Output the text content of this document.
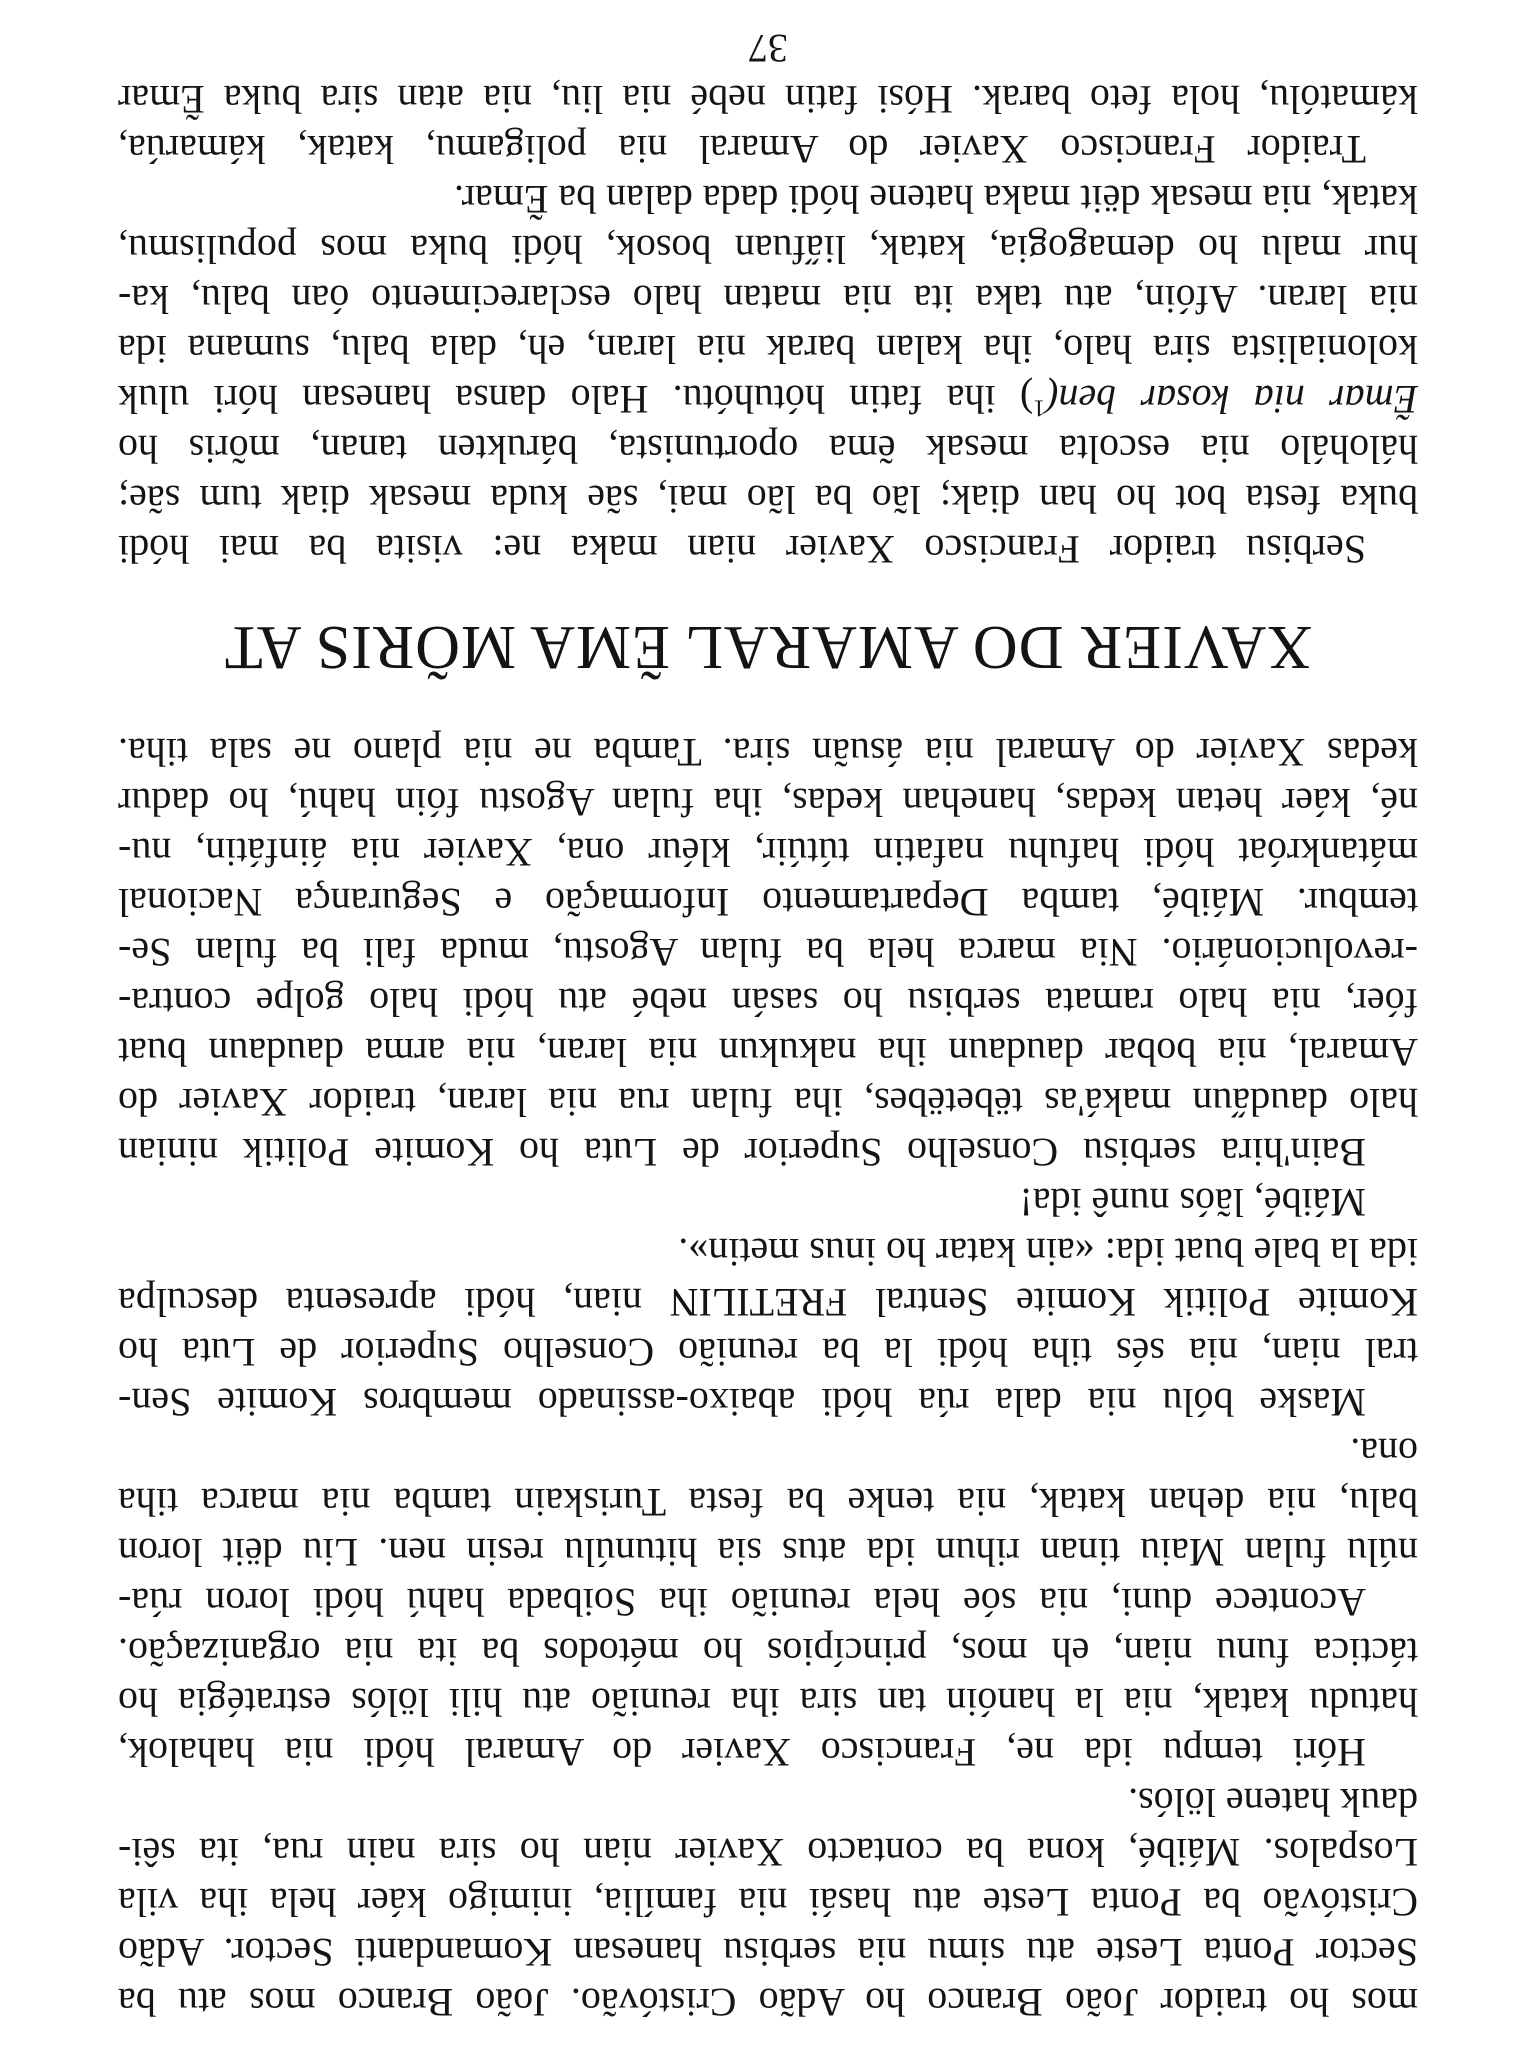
mos ho traidor João Branco ho Adão Cristóvão. João Branco mos atu ba
Sector Ponta Leste atu simu nia serbisu hanesan Komandanti Sector. Adão
Cristóvão ba Ponta Leste atu hasái nia família, inimigo káer hela iha vila
Lospalos. Máibé, kona ba contacto Xavier nian ho sira nain rua, ita sêi-
dauk hatene lölós.
Hóri tempu ida ne, Francisco Xavier do Amaral hódi nia hahalok,
hatudu katak, nia la hanóin tan sira iha reunião atu hili lölós estratégia ho
táctica funu nian, eh mos, princípios ho métodos ba ita nia organização.
Acontece duni, nia sóe hela reunião iha Soibada hahú hódi loron rúa-
núlu fulan Maiu tinan rihun ida atus sia hitunúlu resin nen. Liu dëit loron
balu, nia dehan katak, nia tenke ba festa Turiskain tamba nia marca tiha
ona.
Maske bólu nia dala rúa hódi abaixo-assinado membros Komite Sen-
tral nian, nia sés tiha hódi la ba reunião Conselho Superior de Luta ho
Komite Politik Komite Sentral FRETILIN nian, hódi apresenta desculpa
ida la bale buat ida: «ain katar ho inus metin».
Máibé, lãós nunê ida!
Bain'hira serbisu Conselho Superior de Luta ho Komite Politik ninian
halo dauda̋un maká'as tëbetëbes, iha fulan rua nia laran, traidor Xavier do
Amaral, nia bobar daudaun iha nakukun nia laran, nia arma daudaun buat
fóer, nia halo ramata serbisu ho sasán nebé atu hódi halo golpe contra-
-revolucionário. Nia marca hela ba fulan Agostu, muda fali ba fulan Se-
tembur. Máibé, tamba Departamento Informação e Segurança Nacional
mátankróat hódi hafuhu nafatin tútúir, kléur ona, Xavier nia áinfátin, nu-
né, káer hetan kedas, hanehan kedas, iha fulan Agostu fóin hahú, ho dadur
kedas Xavier do Amaral nia ásuãn sira. Tamba ne nia plano ne sala tiha.
XAVIER DO AMARAL ẼMA MÕRIS AT
Serbisu traidor Francisco Xavier nian maka ne: visita ba mai hódi
buka festa bot ho han diak; lão ba lão mai, sãe kuda mesak diak tum sãe;
hálohálo nia escolta mesak ẽma oportunista, bárukten tanan, mõris ho
Ẽmar nia kosar ben($^1$) iha fatin hótuhótu. Halo dansa hanesan hóri uluk
kolonialista sira halo, iha kalan barak nia laran, eh, dala balu, sumana ida
nia laran. Afóin, atu taka ita nia matan halo esclarecimento óan balu, ka-
hur malu ho demagogia, katak, lia̋fuan bosok, hódi buka mos populismu,
katak, nia mesak dëit maka hatene hódi dada dalan ba Ẽmar.
Traidor Francisco Xavier do Amaral nia poligamu, katak, kámarúa,
kámatólu, hola feto barak. Hósi fatin nebé nia liu, nia atan sira buka Ẽmar
37
